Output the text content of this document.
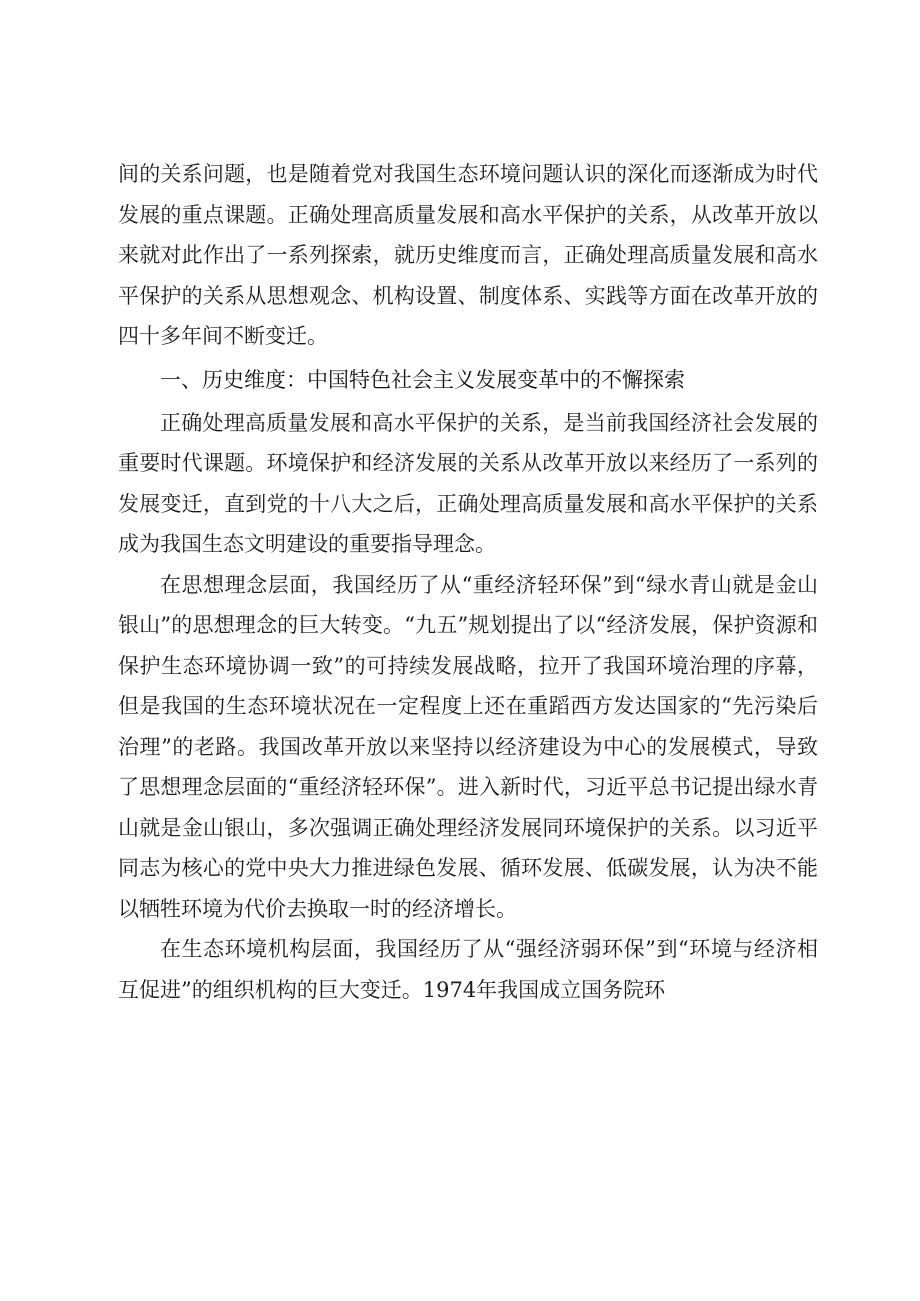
间的关系问题，也是随着党对我国生态环境问题认识的深化而逐渐成为时代发展的重点课题。正确处理高质量发展和高水平保护的关系，从改革开放以来就对此作出了一系列探索，就历史维度而言，正确处理高质量发展和高水平保护的关系从思想观念、机构设置、制度体系、实践等方面在改革开放的四十多年间不断变迁。

一、历史维度：中国特色社会主义发展变革中的不懈探索

正确处理高质量发展和高水平保护的关系，是当前我国经济社会发展的重要时代课题。环境保护和经济发展的关系从改革开放以来经历了一系列的发展变迁，直到党的十八大之后，正确处理高质量发展和高水平保护的关系成为我国生态文明建设的重要指导理念。

在思想理念层面，我国经历了从“重经济轻环保”到“绿水青山就是金山银山”的思想理念的巨大转变。“九五”规划提出了以“经济发展，保护资源和保护生态环境协调一致”的可持续发展战略，拉开了我国环境治理的序幕，但是我国的生态环境状况在一定程度上还在重蹈西方发达国家的“先污染后治理”的老路。我国改革开放以来坚持以经济建设为中心的发展模式，导致了思想理念层面的“重经济轻环保”。进入新时代，习近平总书记提出绿水青山就是金山银山，多次强调正确处理经济发展同环境保护的关系。以习近平同志为核心的党中央大力推进绿色发展、循环发展、低碳发展，认为决不能以牺牲环境为代价去换取一时的经济增长。

在生态环境机构层面，我国经历了从“强经济弱环保”到“环境与经济相互促进”的组织机构的巨大变迁。1974年我国成立国务院环
